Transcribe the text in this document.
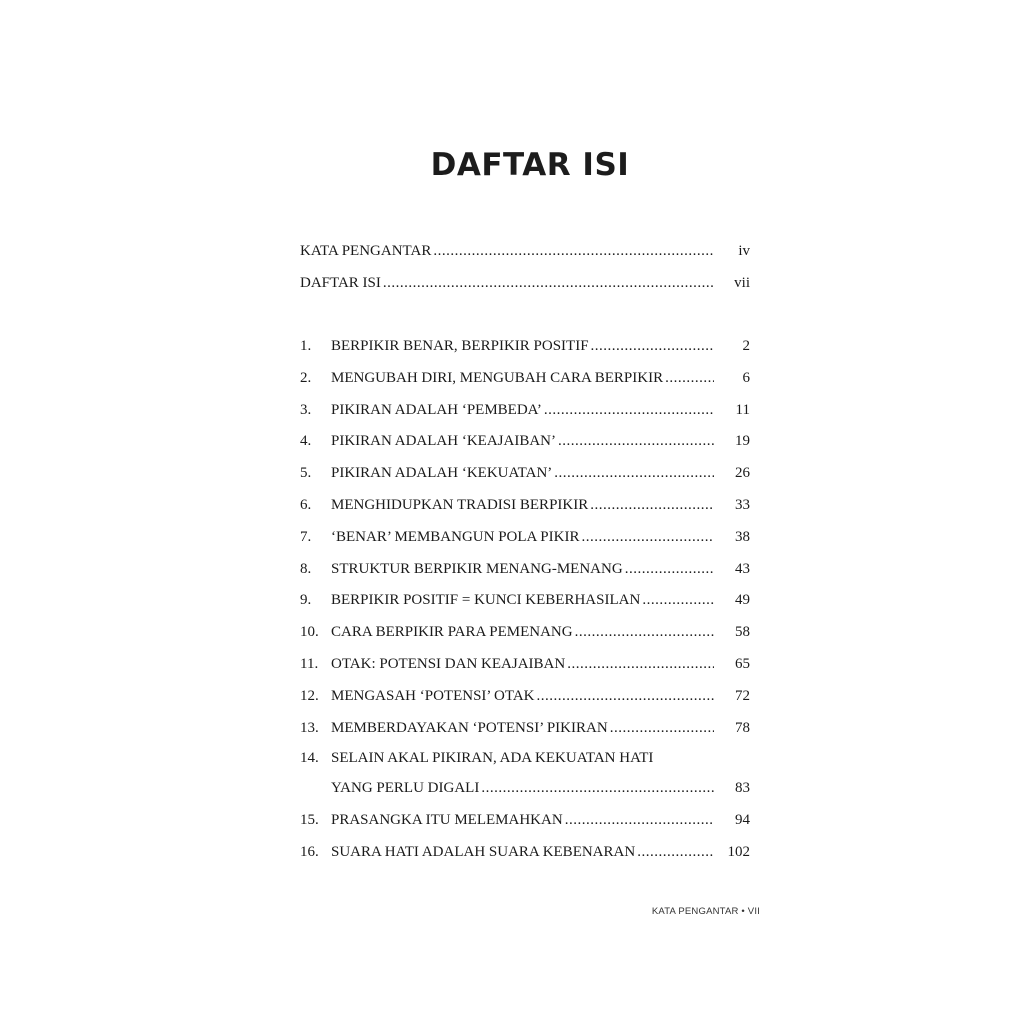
DAFTAR ISI
KATA PENGANTAR .....	iv
DAFTAR ISI .....	vii
1.	BERPIKIR BENAR, BERPIKIR POSITIF .....	2
2.	MENGUBAH DIRI, MENGUBAH CARA BERPIKIR .....	6
3.	PIKIRAN ADALAH ‘PEMBEDA’ .....	11
4.	PIKIRAN ADALAH ‘KEAJAIBAN’ .....	19
5.	PIKIRAN ADALAH ‘KEKUATAN’ .....	26
6.	MENGHIDUPKAN TRADISI BERPIKIR .....	33
7.	‘BENAR’ MEMBANGUN POLA PIKIR .....	38
8.	STRUKTUR BERPIKIR MENANG-MENANG .....	43
9.	BERPIKIR POSITIF = KUNCI KEBERHASILAN .....	49
10. CARA BERPIKIR PARA PEMENANG .....	58
11. OTAK: POTENSI DAN KEAJAIBAN .....	65
12. MENGASAH ‘POTENSI’ OTAK .....	72
13. MEMBERDAYAKAN ‘POTENSI’ PIKIRAN .....	78
14. SELAIN AKAL PIKIRAN, ADA KEKUATAN HATI
YANG PERLU DIGALI .....	83
15. PRASANGKA ITU MELEMAHKAN .....	94
16. SUARA HATI ADALAH SUARA KEBENARAN .....	102
KATA PENGANTAR • VII
